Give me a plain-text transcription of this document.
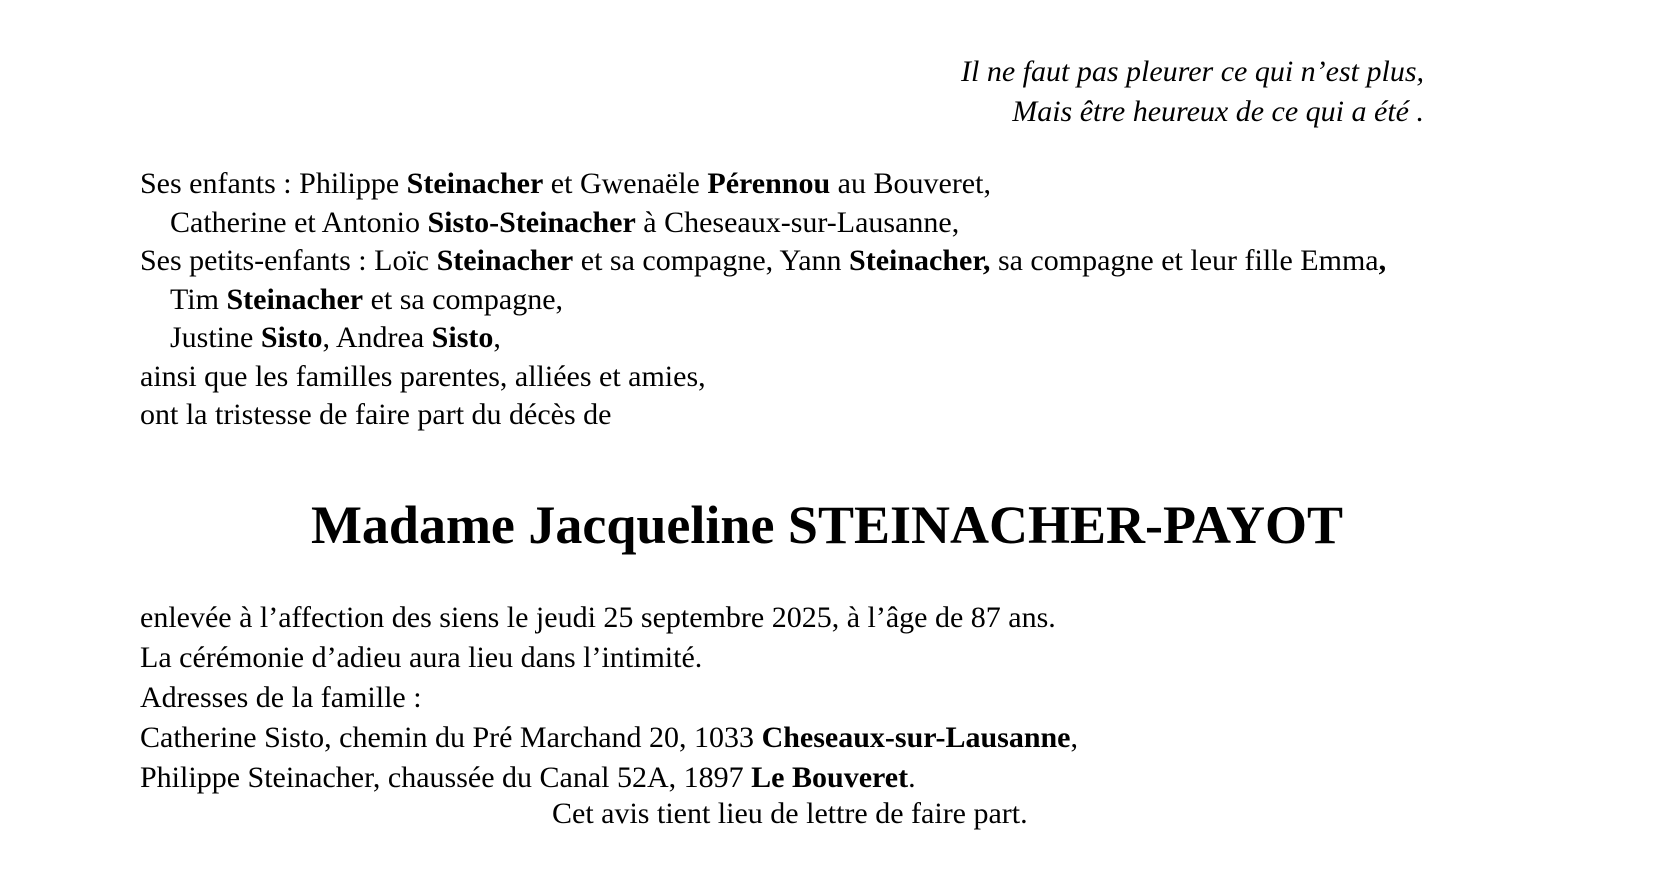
Il ne faut pas pleurer ce qui n’est plus,
Mais être heureux de ce qui a été .
Ses enfants : Philippe Steinacher et Gwenaële Pérennou au Bouveret,
Catherine et Antonio Sisto-Steinacher à Cheseaux-sur-Lausanne,
Ses petits-enfants : Loïc Steinacher et sa compagne, Yann Steinacher, sa compagne et leur fille Emma,
Tim Steinacher et sa compagne,
Justine Sisto, Andrea Sisto,
ainsi que les familles parentes, alliées et amies,
ont la tristesse de faire part du décès de
Madame Jacqueline STEINACHER-PAYOT
enlevée à l’affection des siens le jeudi 25 septembre 2025, à l’âge de 87 ans.
La cérémonie d’adieu aura lieu dans l’intimité.
Adresses de la famille :
Catherine Sisto, chemin du Pré Marchand 20, 1033 Cheseaux-sur-Lausanne,
Philippe Steinacher, chaussée du Canal 52A, 1897 Le Bouveret.
Cet avis tient lieu de lettre de faire part.
